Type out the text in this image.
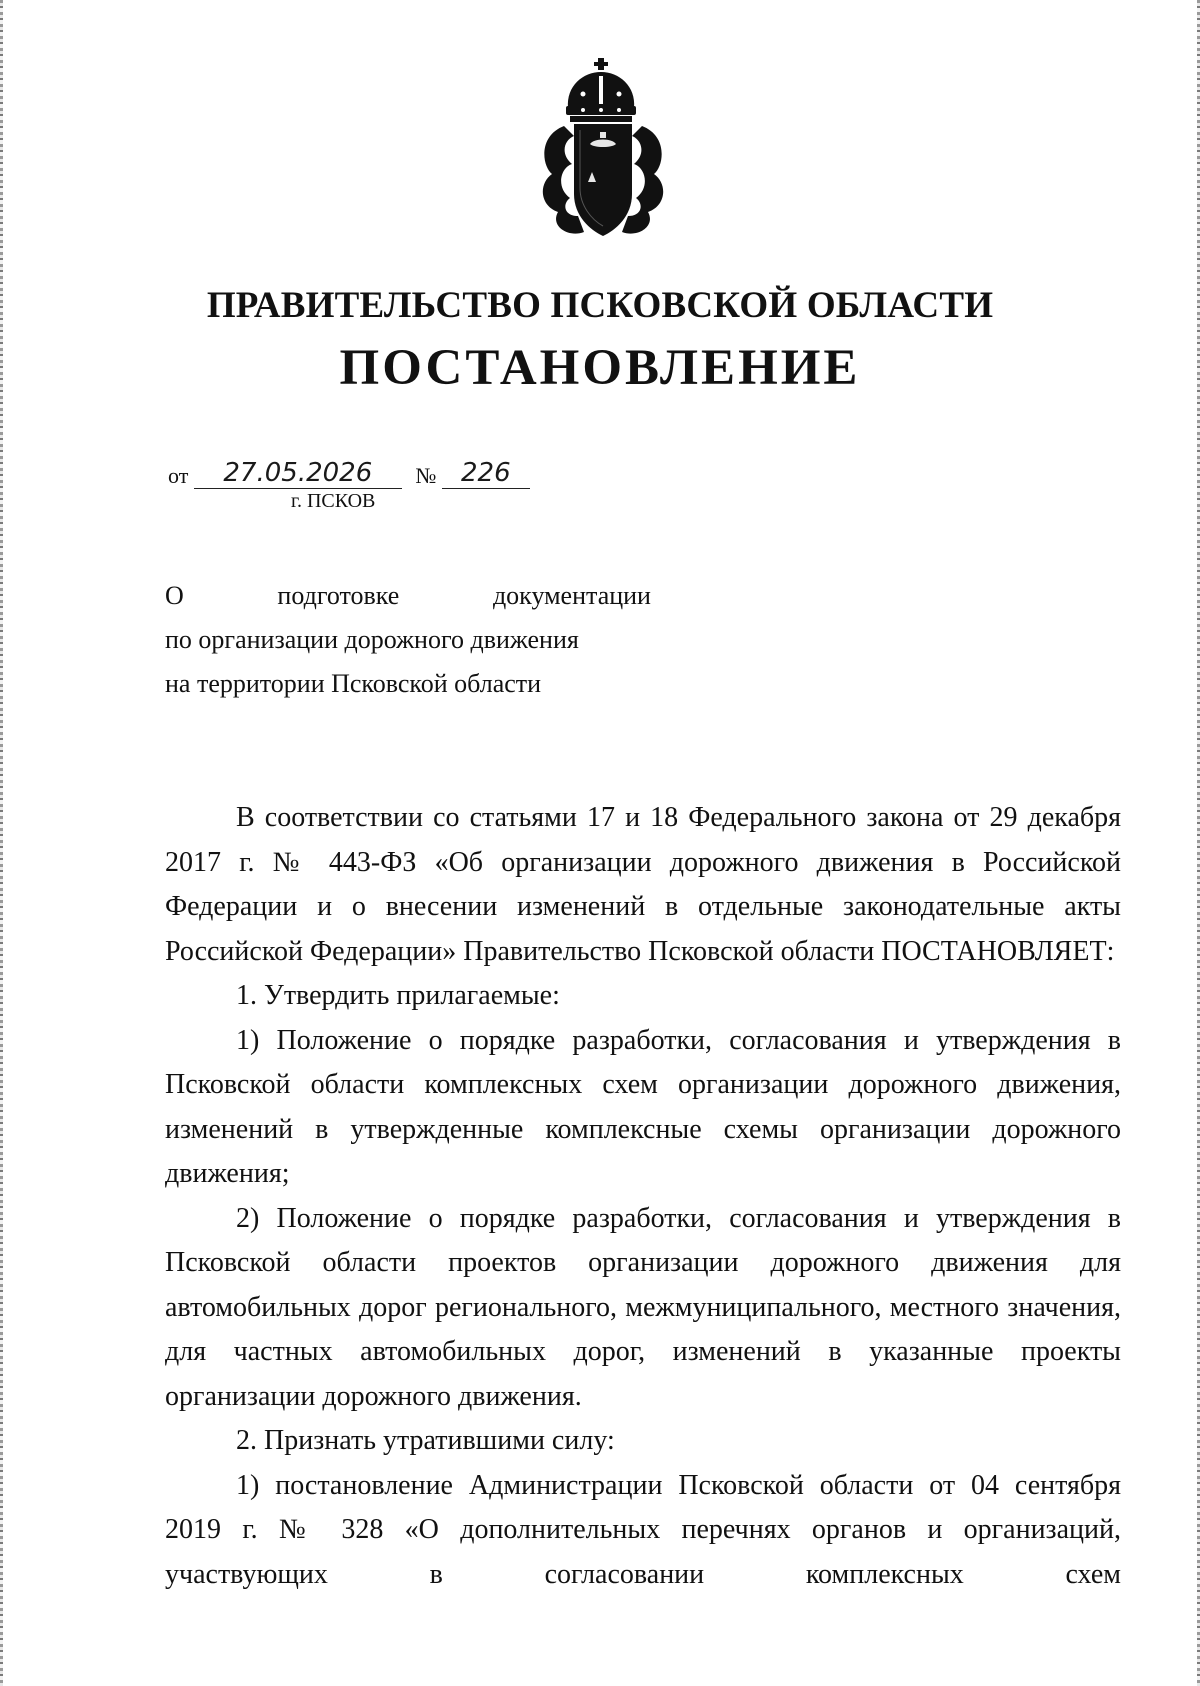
ПРАВИТЕЛЬСТВО ПСКОВСКОЙ ОБЛАСТИ
ПОСТАНОВЛЕНИЕ
от 27.05.2026 № 226
г. ПСКОВ
О	подготовке	документации
по организации дорожного движения
на территории Псковской области

В соответствии со статьями 17 и 18 Федерального закона от 29 декабря 2017 г. № 443-ФЗ «Об организации дорожного движения в Российской Федерации и о внесении изменений в отдельные законодательные акты Российской Федерации» Правительство Псковской области ПОСТАНОВЛЯЕТ:

1. Утвердить прилагаемые:

1) Положение о порядке разработки, согласования и утверждения в Псковской области комплексных схем организации дорожного движения, изменений в утвержденные комплексные схемы организации дорожного движения;

2) Положение о порядке разработки, согласования и утверждения в Псковской области проектов организации дорожного движения для автомобильных дорог регионального, межмуниципального, местного значения, для частных автомобильных дорог, изменений в указанные проекты организации дорожного движения.

2. Признать утратившими силу:

1) постановление Администрации Псковской области от 04 сентября 2019 г. № 328 «О дополнительных перечнях органов и организаций, участвующих в согласовании комплексных схем
